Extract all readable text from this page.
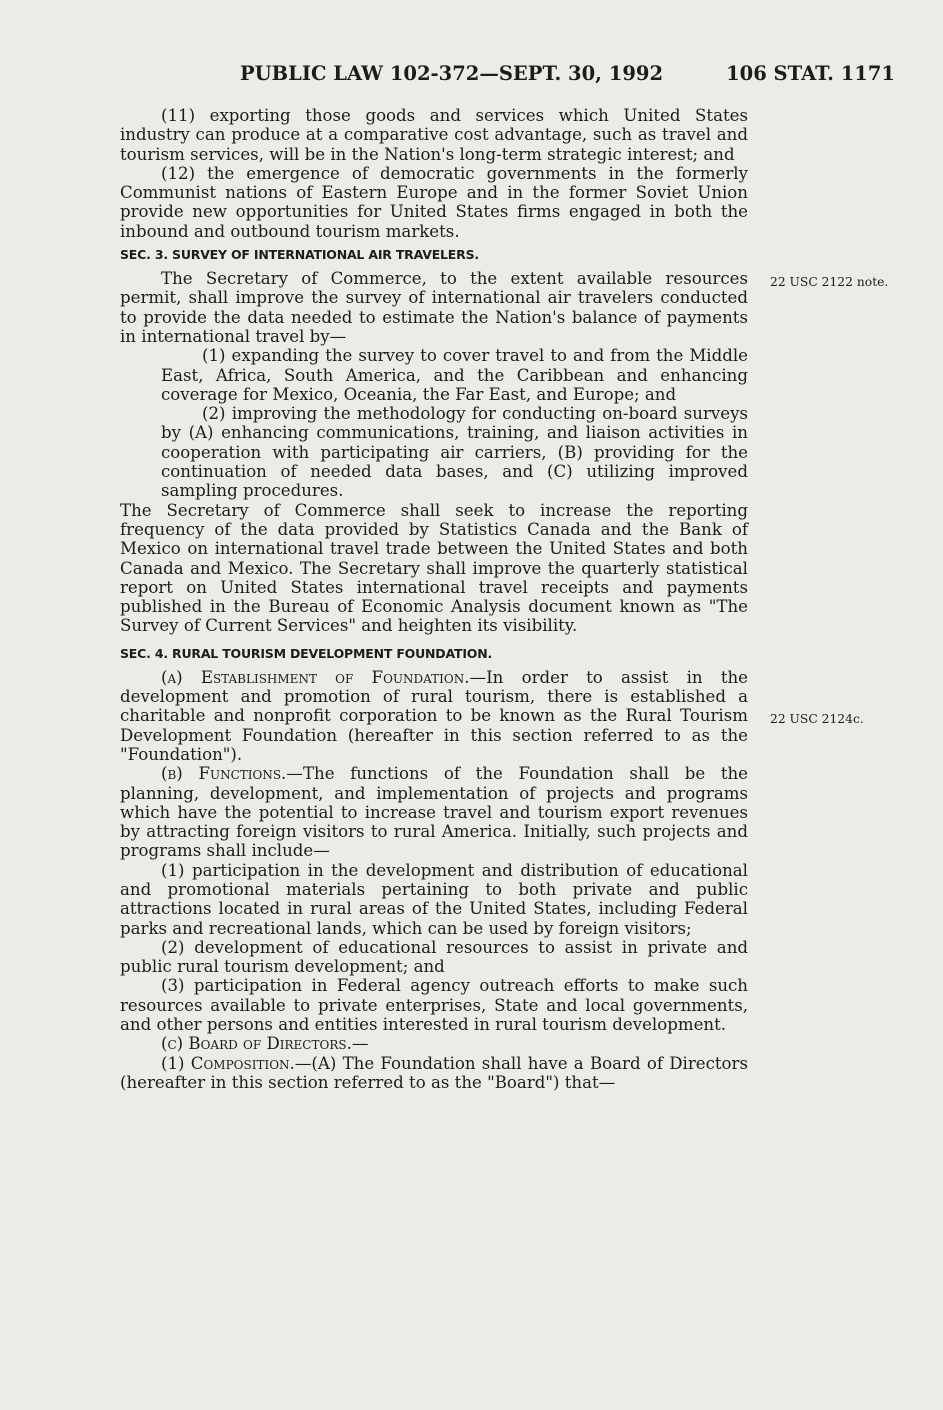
PUBLIC LAW 102-372—SEPT. 30, 1992	106 STAT. 1171
22 USC 2122 note.
22 USC 2124c.

(11) exporting those goods and services which United States industry can produce at a comparative cost advantage, such as travel and tourism services, will be in the Nation's long-term strategic interest; and

(12) the emergence of democratic governments in the formerly Communist nations of Eastern Europe and in the former Soviet Union provide new opportunities for United States firms engaged in both the inbound and outbound tourism markets.

SEC. 3. SURVEY OF INTERNATIONAL AIR TRAVELERS.

The Secretary of Commerce, to the extent available resources permit, shall improve the survey of international air travelers conducted to provide the data needed to estimate the Nation's balance of payments in international travel by—

(1) expanding the survey to cover travel to and from the Middle East, Africa, South America, and the Caribbean and enhancing coverage for Mexico, Oceania, the Far East, and Europe; and

(2) improving the methodology for conducting on-board surveys by (A) enhancing communications, training, and liaison activities in cooperation with participating air carriers, (B) providing for the continuation of needed data bases, and (C) utilizing improved sampling procedures.

The Secretary of Commerce shall seek to increase the reporting frequency of the data provided by Statistics Canada and the Bank of Mexico on international travel trade between the United States and both Canada and Mexico. The Secretary shall improve the quarterly statistical report on United States international travel receipts and payments published in the Bureau of Economic Analysis document known as "The Survey of Current Services" and heighten its visibility.

SEC. 4. RURAL TOURISM DEVELOPMENT FOUNDATION.

(a) Establishment of Foundation.—In order to assist in the development and promotion of rural tourism, there is established a charitable and nonprofit corporation to be known as the Rural Tourism Development Foundation (hereafter in this section referred to as the "Foundation").

(b) Functions.—The functions of the Foundation shall be the planning, development, and implementation of projects and programs which have the potential to increase travel and tourism export revenues by attracting foreign visitors to rural America. Initially, such projects and programs shall include—

(1) participation in the development and distribution of educational and promotional materials pertaining to both private and public attractions located in rural areas of the United States, including Federal parks and recreational lands, which can be used by foreign visitors;

(2) development of educational resources to assist in private and public rural tourism development; and

(3) participation in Federal agency outreach efforts to make such resources available to private enterprises, State and local governments, and other persons and entities interested in rural tourism development.

(c) Board of Directors.—

(1) Composition.—(A) The Foundation shall have a Board of Directors (hereafter in this section referred to as the "Board") that—
